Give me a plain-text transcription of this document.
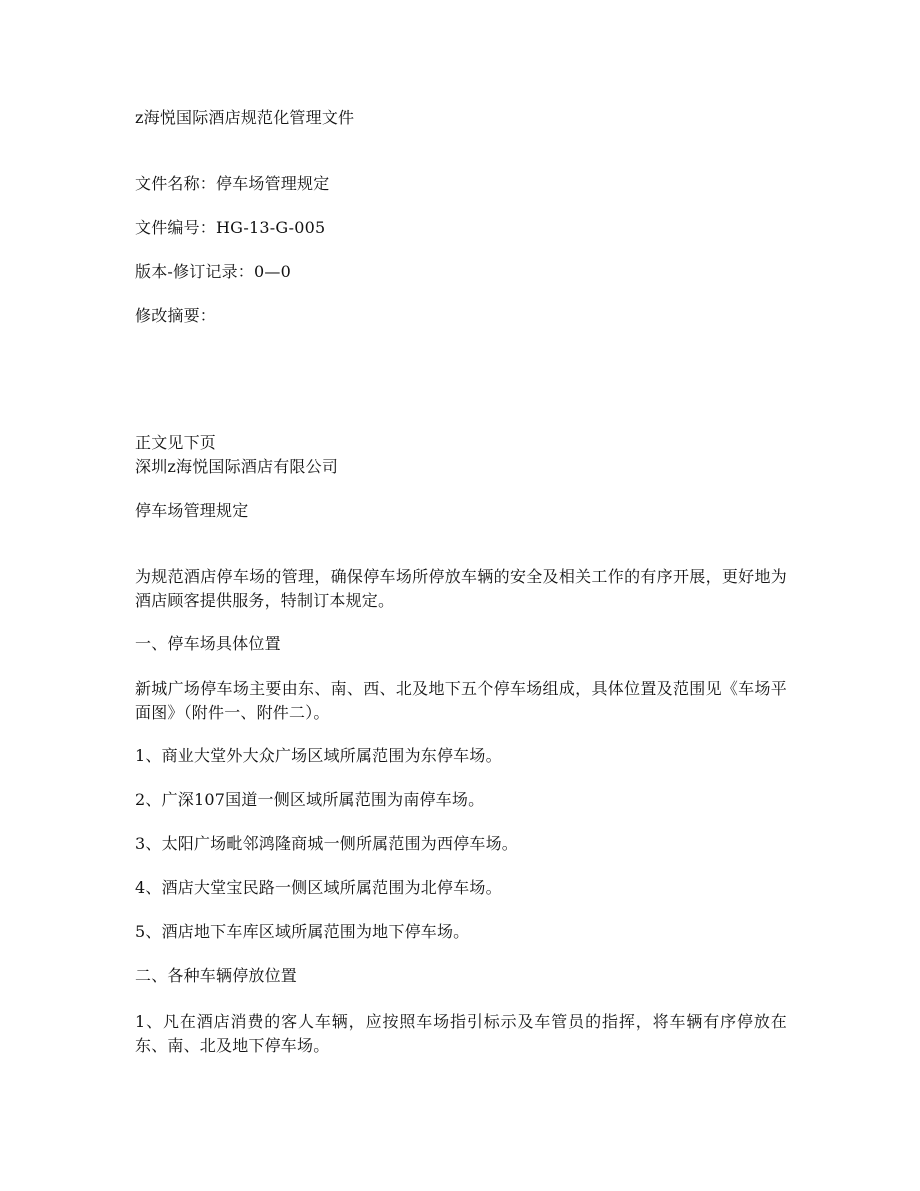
z海悦国际酒店规范化管理文件
文件名称：停车场管理规定
文件编号：HG-13-G-005
版本-修订记录：0—0
修改摘要：
正文见下页
深圳z海悦国际酒店有限公司
停车场管理规定
为规范酒店停车场的管理，确保停车场所停放车辆的安全及相关工作的有序开展，更好地为酒店顾客提供服务，特制订本规定。
一、停车场具体位置
新城广场停车场主要由东、南、西、北及地下五个停车场组成，具体位置及范围见《车场平面图》（附件一、附件二）。
1、商业大堂外大众广场区域所属范围为东停车场。
2、广深107国道一侧区域所属范围为南停车场。
3、太阳广场毗邻鸿隆商城一侧所属范围为西停车场。
4、酒店大堂宝民路一侧区域所属范围为北停车场。
5、酒店地下车库区域所属范围为地下停车场。
二、各种车辆停放位置
1、凡在酒店消费的客人车辆，应按照车场指引标示及车管员的指挥，将车辆有序停放在东、南、北及地下停车场。
